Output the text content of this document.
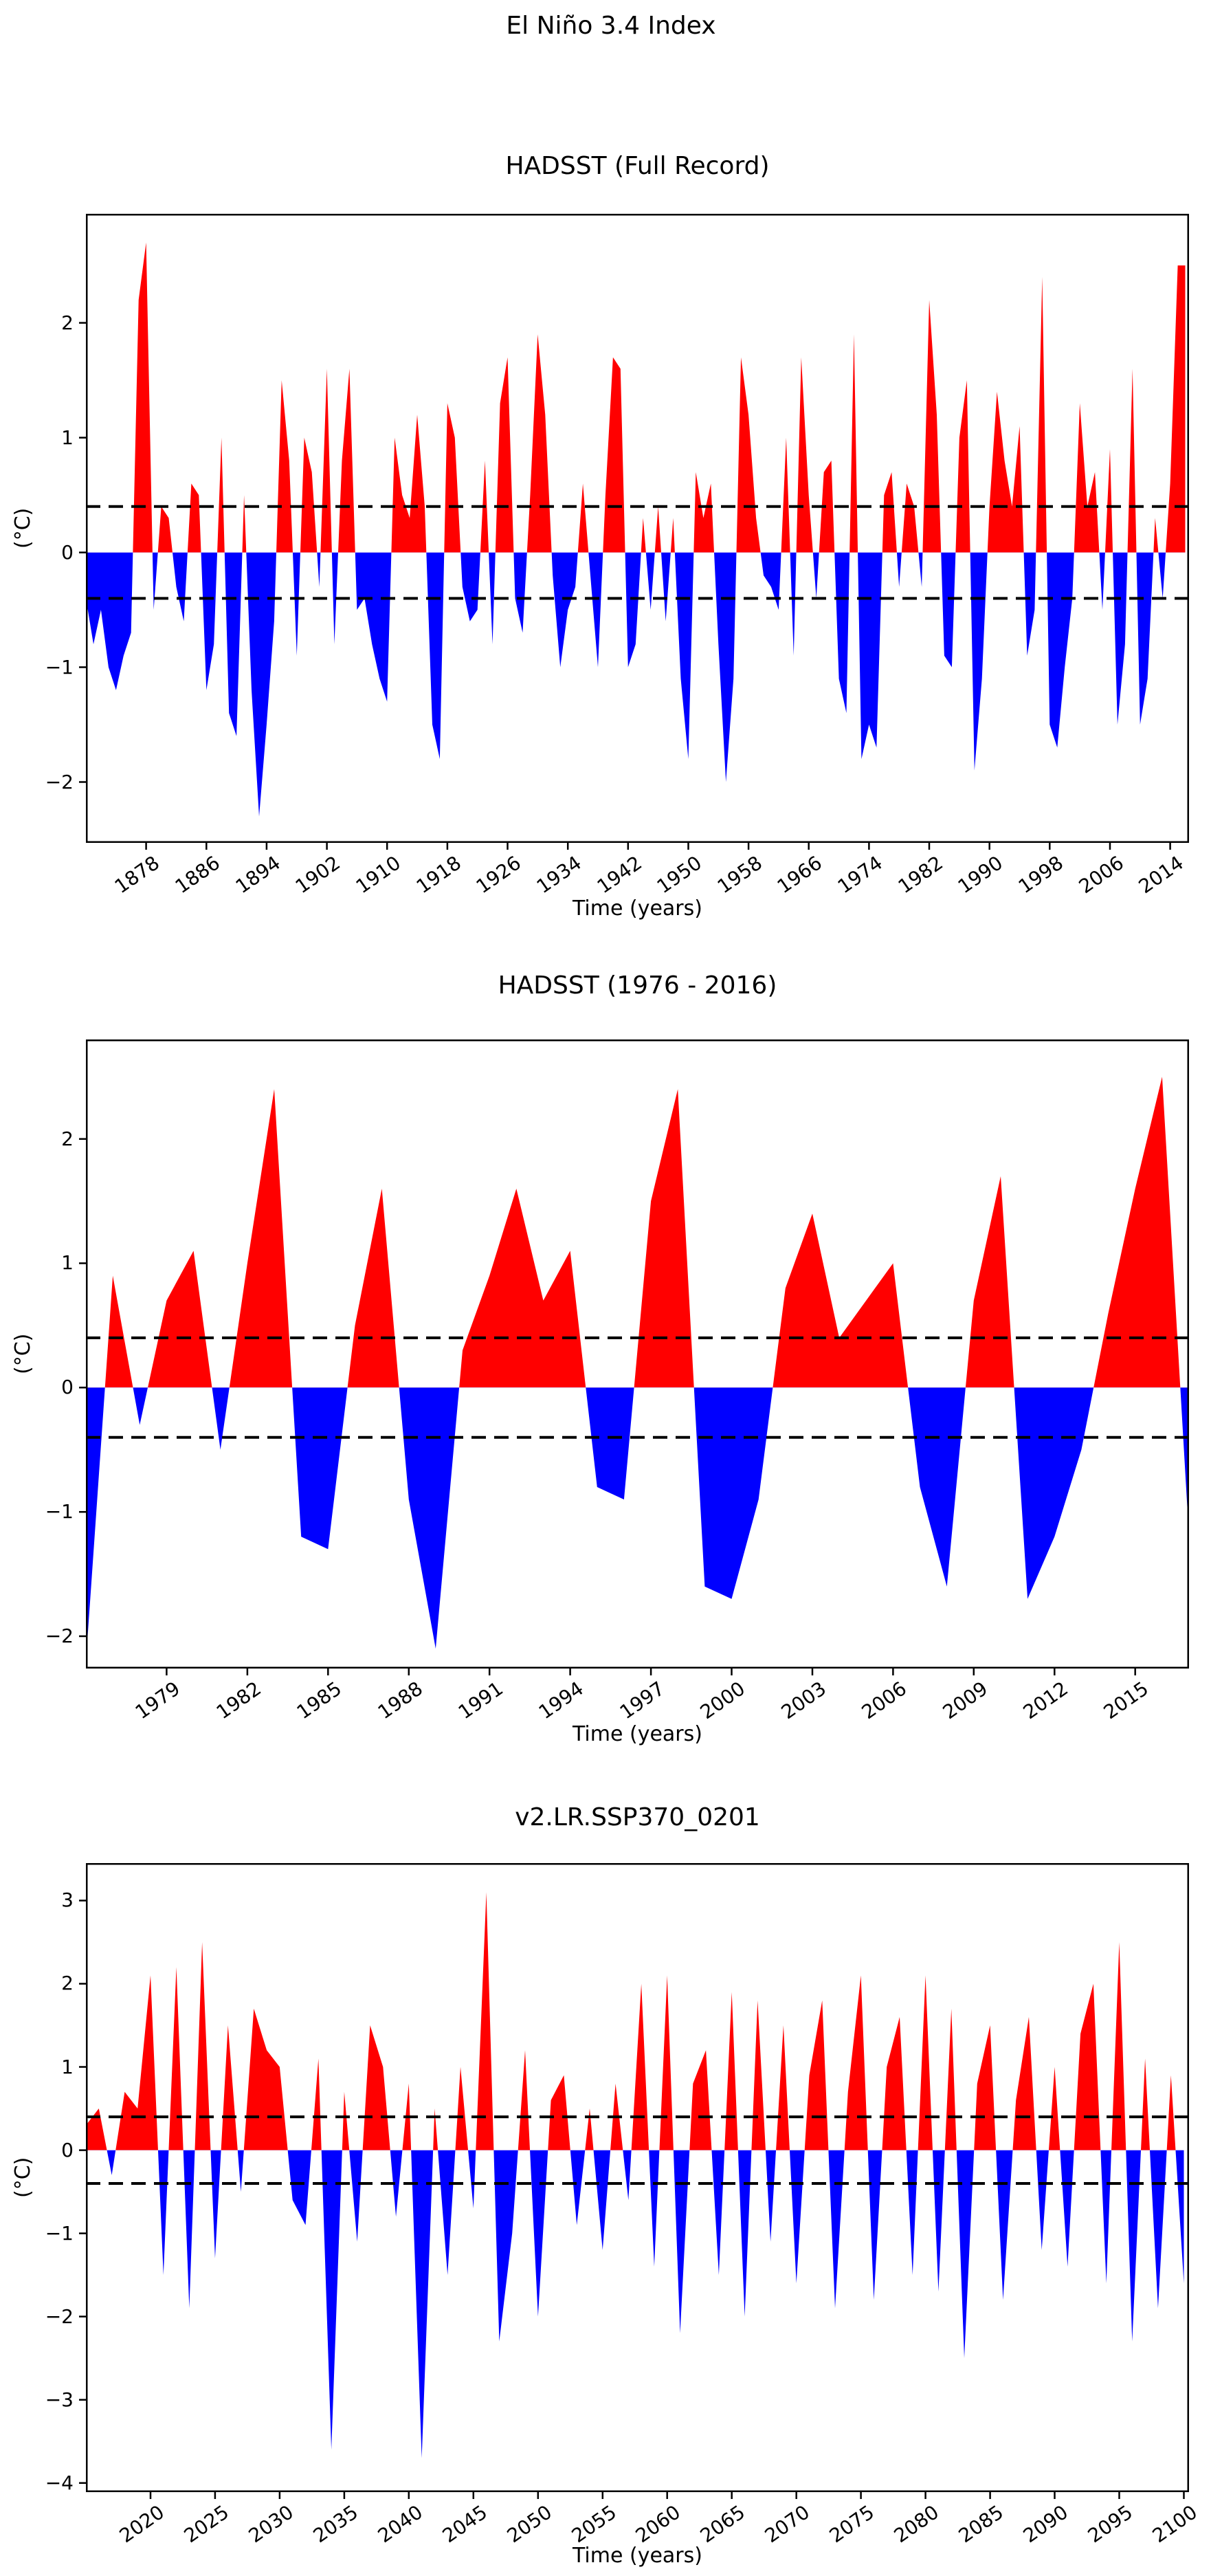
El Niño 3.4 Index
HADSST (Full Record)
(°C)
Time (years)
1878 1886 1894 1902 1910 1918 1926 1934 1942 1950 1958 1966 1974 1982 1990 1998 2006 2014
−2
−1
0
1
2
HADSST (1976 - 2016)
(°C)
Time (years)
1979 1982 1985 1988 1991 1994 1997 2000 2003 2006 2009 2012 2015
−2
−1
0
1
2
v2.LR.SSP370_0201
(°C)
Time (years)
2020 2025 2030 2035 2040 2045 2050 2055 2060 2065 2070 2075 2080 2085 2090 2095 2100
−4
−3
−2
−1
0
1
2
3
